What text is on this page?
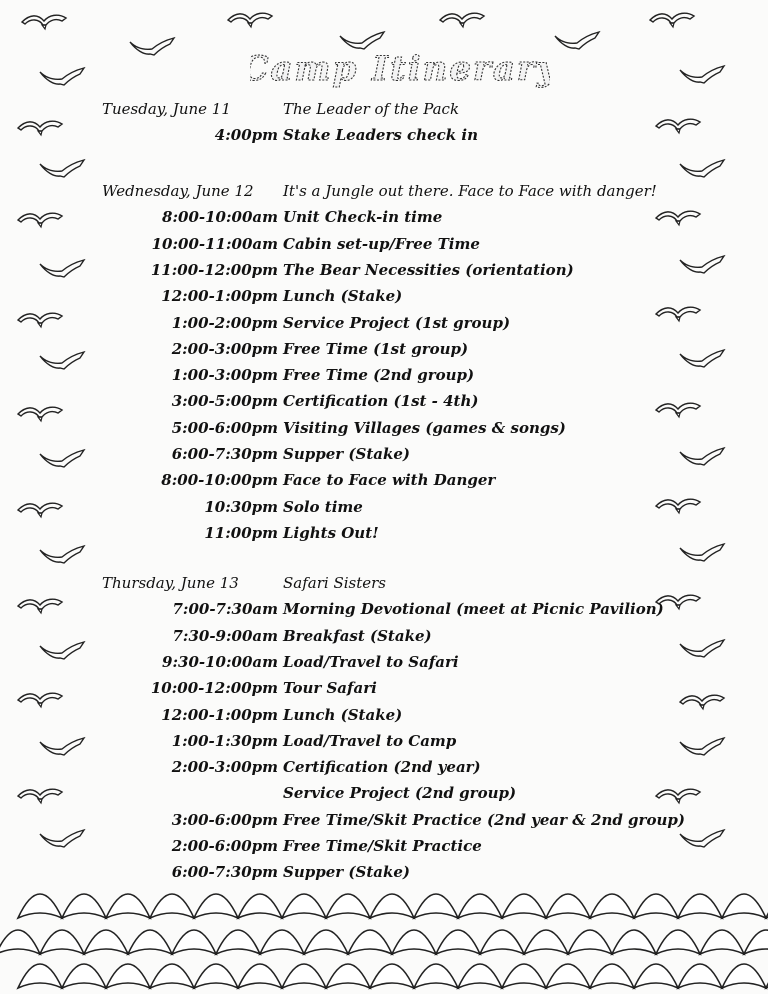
Camp Itinerary
Tuesday, June 11	The Leader of the Pack
4:00pm Stake Leaders check in
Wednesday, June 12 It's a Jungle out there. Face to Face with danger!
8:00-10:00am Unit Check-in time
10:00-11:00am Cabin set-up/Free Time
11:00-12:00pm The Bear Necessities (orientation)
12:00-1:00pm Lunch (Stake)
1:00-2:00pm Service Project (1st group)
2:00-3:00pm Free Time (1st group)
1:00-3:00pm Free Time (2nd group)
3:00-5:00pm Certification (1st - 4th)
5:00-6:00pm Visiting Villages (games & songs)
6:00-7:30pm Supper (Stake)
8:00-10:00pm Face to Face with Danger
10:30pm Solo time
11:00pm Lights Out!
Thursday, June 13	Safari Sisters
7:00-7:30am Morning Devotional (meet at Picnic Pavilion)
7:30-9:00am Breakfast (Stake)
9:30-10:00am Load/Travel to Safari
10:00-12:00pm Tour Safari
12:00-1:00pm Lunch (Stake)
1:00-1:30pm Load/Travel to Camp
2:00-3:00pm Certification (2nd year)
Service Project (2nd group)
3:00-6:00pm Free Time/Skit Practice (2nd year & 2nd group)
2:00-6:00pm Free Time/Skit Practice
6:00-7:30pm Supper (Stake)
